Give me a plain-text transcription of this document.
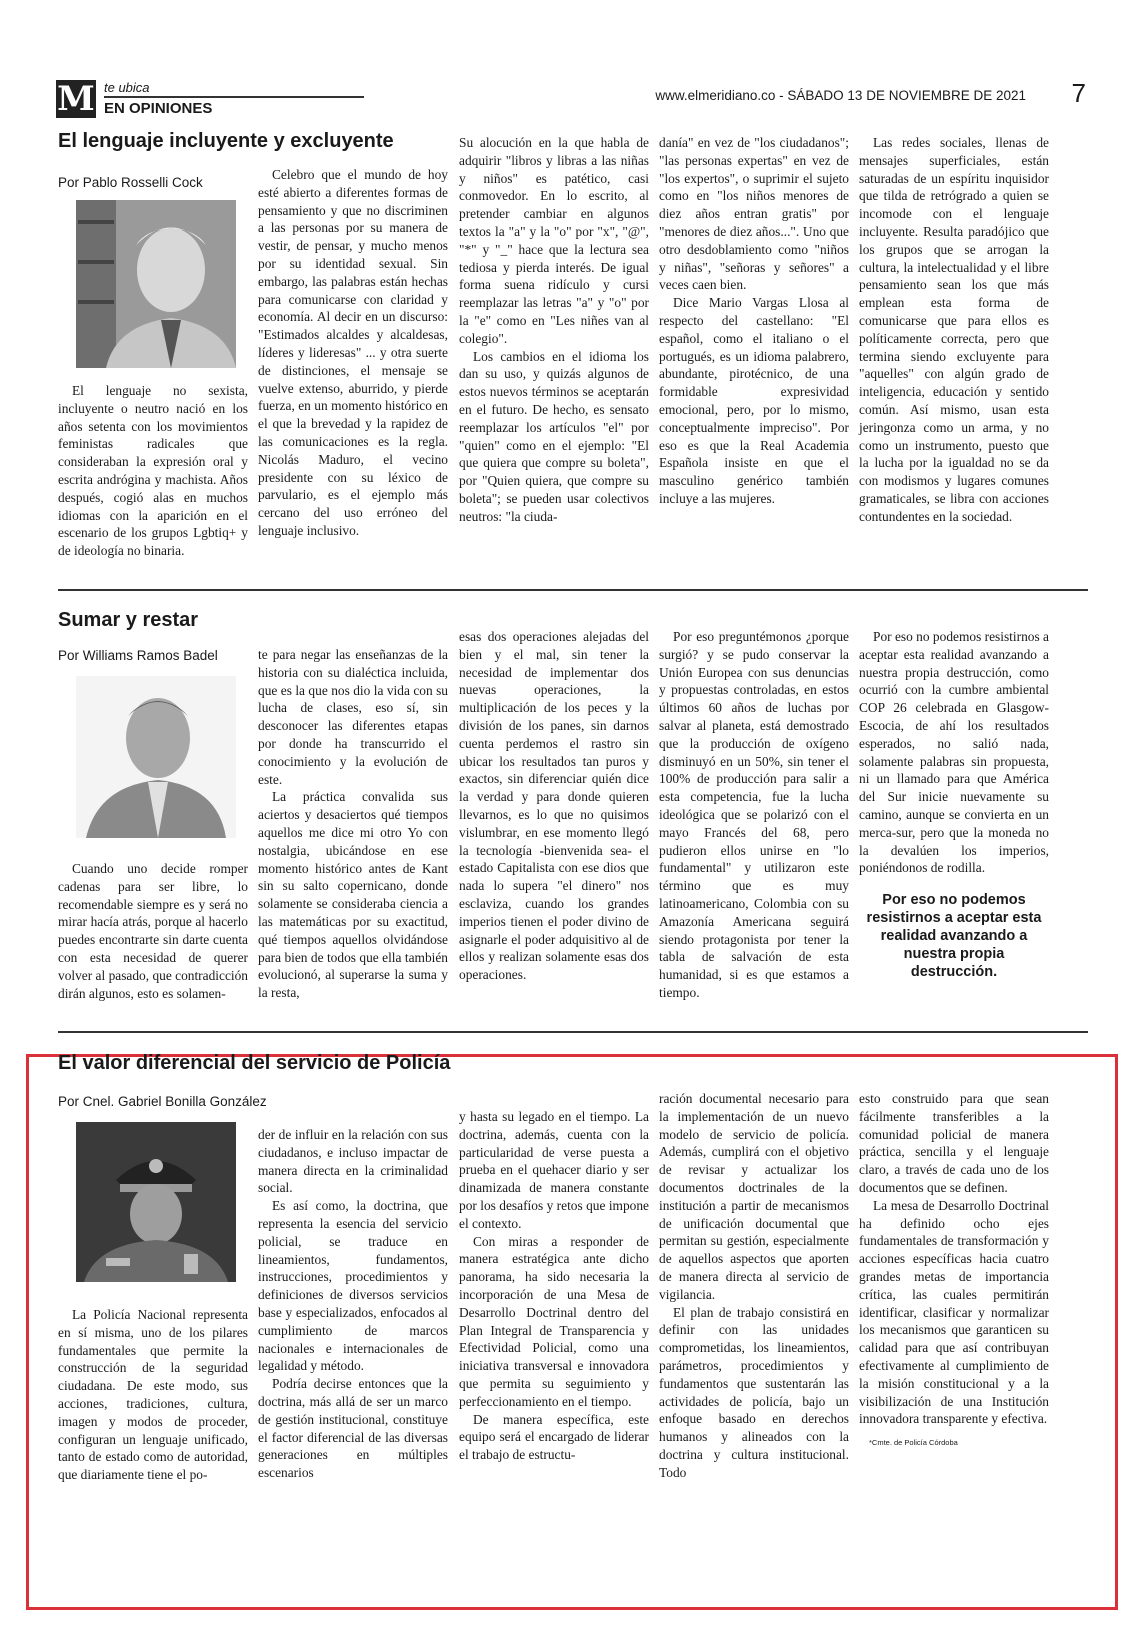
M te ubica
EN OPINIONES
www.elmeridiano.co - SÁBADO 13 DE NOVIEMBRE DE 2021 7
El lenguaje incluyente y excluyente
Por Pablo Rosselli Cock

El lenguaje no sexista, incluyente o neutro nació en los años setenta con los movimientos feministas radicales que consideraban la expresión oral y escrita andrógina y machista. Años después, cogió alas en muchos idiomas con la aparición en el escenario de los grupos Lgbtiq+ y de ideología no binaria.

Celebro que el mundo de hoy esté abierto a diferentes formas de pensamiento y que no discriminen a las personas por su manera de vestir, de pensar, y mucho menos por su identidad sexual. Sin embargo, las palabras están hechas para comunicarse con claridad y economía. Al decir en un discurso: "Estimados alcaldes y alcaldesas, líderes y lideresas" ... y otra suerte de distinciones, el mensaje se vuelve extenso, aburrido, y pierde fuerza, en un momento histórico en el que la brevedad y la rapidez de las comunicaciones es la regla. Nicolás Maduro, el vecino presidente con su léxico de parvulario, es el ejemplo más cercano del uso erróneo del lenguaje inclusivo.

Su alocución en la que habla de adquirir "libros y libras a las niñas y niños" es patético, casi conmovedor. En lo escrito, al pretender cambiar en algunos textos la "a" y la "o" por "x", "@", "*" y "_" hace que la lectura sea tediosa y pierda interés. De igual forma suena ridículo y cursi reemplazar las letras "a" y "o" por la "e" como en "Les niñes van al colegio".

Los cambios en el idioma los dan su uso, y quizás algunos de estos nuevos términos se aceptarán en el futuro. De hecho, es sensato reemplazar los artículos "el" por "quien" como en el ejemplo: "El que quiera que compre su boleta", por "Quien quiera, que compre su boleta"; se pueden usar colectivos neutros: "la ciuda-

danía" en vez de "los ciudadanos"; "las personas expertas" en vez de "los expertos", o suprimir el sujeto como en "los niños menores de diez años entran gratis" por "menores de diez años...". Uno que otro desdoblamiento como "niños y niñas", "señoras y señores" a veces caen bien.

Dice Mario Vargas Llosa al respecto del castellano: "El español, como el italiano o el portugués, es un idioma palabrero, abundante, pirotécnico, de una formidable expresividad emocional, pero, por lo mismo, conceptualmente impreciso". Por eso es que la Real Academia Española insiste en que el masculino genérico también incluye a las mujeres.

Las redes sociales, llenas de mensajes superficiales, están saturadas de un espíritu inquisidor que tilda de retrógrado a quien se incomode con el lenguaje incluyente. Resulta paradójico que los grupos que se arrogan la cultura, la intelectualidad y el libre pensamiento sean los que más emplean esta forma de comunicarse que para ellos es políticamente correcta, pero que termina siendo excluyente para "aquelles" con algún grado de inteligencia, educación y sentido común. Así mismo, usan esta jeringonza como un arma, y no como un instrumento, puesto que la lucha por la igualdad no se da con modismos y lugares comunes gramaticales, se libra con acciones contundentes en la sociedad.

Sumar y restar
Por Williams Ramos Badel

Cuando uno decide romper cadenas para ser libre, lo recomendable siempre es y será no mirar hacía atrás, porque al hacerlo puedes encontrarte sin darte cuenta con esta necesidad de querer volver al pasado, que contradicción dirán algunos, esto es solamen-

te para negar las enseñanzas de la historia con su dialéctica incluida, que es la que nos dio la vida con su lucha de clases, eso sí, sin desconocer las diferentes etapas por donde ha transcurrido el conocimiento y la evolución de este.

La práctica convalida sus aciertos y desaciertos qué tiempos aquellos me dice mi otro Yo con nostalgia, ubicándose en ese momento histórico antes de Kant sin su salto copernicano, donde solamente se consideraba ciencia a las matemáticas por su exactitud, qué tiempos aquellos olvidándose para bien de todos que ella también evolucionó, al superarse la suma y la resta,

esas dos operaciones alejadas del bien y el mal, sin tener la necesidad de implementar dos nuevas operaciones, la multiplicación de los peces y la división de los panes, sin darnos cuenta perdemos el rastro sin ubicar los resultados tan puros y exactos, sin diferenciar quién dice la verdad y para donde quieren llevarnos, es lo que no quisimos vislumbrar, en ese momento llegó la tecnología -bienvenida sea- el estado Capitalista con ese dios que nada lo supera "el dinero" nos esclaviza, cuando los grandes imperios tienen el poder divino de asignarle el poder adquisitivo al de ellos y realizan solamente esas dos operaciones.

Por eso preguntémonos ¿porque surgió? y se pudo conservar la Unión Europea con sus denuncias y propuestas controladas, en estos últimos 60 años de luchas por salvar al planeta, está demostrado que la producción de oxígeno disminuyó en un 50%, sin tener el 100% de producción para salir a esta competencia, fue la lucha ideológica que se polarizó con el mayo Francés del 68, pero pudieron ellos unirse en "lo fundamental" y utilizaron este término que es muy latinoamericano, Colombia con su Amazonía Americana seguirá siendo protagonista por tener la tabla de salvación de esta humanidad, si es que estamos a tiempo.

Por eso no podemos resistirnos a aceptar esta realidad avanzando a nuestra propia destrucción, como ocurrió con la cumbre ambiental COP 26 celebrada en Glasgow-Escocia, de ahí los resultados esperados, no salió nada, solamente palabras sin propuesta, ni un llamado para que América del Sur inicie nuevamente su camino, aunque se convierta en un merca-sur, pero que la moneda no la devalúen los imperios, poniéndonos de rodilla.

Por eso no podemos resistirnos a aceptar esta realidad avanzando a nuestra propia destrucción.
El valor diferencial del servicio de Policía
Por Cnel. Gabriel Bonilla González

La Policía Nacional representa en sí misma, uno de los pilares fundamentales que permite la construcción de la seguridad ciudadana. De este modo, sus acciones, tradiciones, cultura, imagen y modos de proceder, configuran un lenguaje unificado, tanto de estado como de autoridad, que diariamente tiene el po-

der de influir en la relación con sus ciudadanos, e incluso impactar de manera directa en la criminalidad social.

Es así como, la doctrina, que representa la esencia del servicio policial, se traduce en lineamientos, fundamentos, instrucciones, procedimientos y definiciones de diversos servicios base y especializados, enfocados al cumplimiento de marcos nacionales e internacionales de legalidad y método.

Podría decirse entonces que la doctrina, más allá de ser un marco de gestión institucional, constituye el factor diferencial de las diversas generaciones en múltiples escenarios

y hasta su legado en el tiempo. La doctrina, además, cuenta con la particularidad de verse puesta a prueba en el quehacer diario y ser dinamizada de manera constante por los desafíos y retos que impone el contexto.

Con miras a responder de manera estratégica ante dicho panorama, ha sido necesaria la incorporación de una Mesa de Desarrollo Doctrinal dentro del Plan Integral de Transparencia y Efectividad Policial, como una iniciativa transversal e innovadora que permita su seguimiento y perfeccionamiento en el tiempo.

De manera específica, este equipo será el encargado de liderar el trabajo de estructu-

ración documental necesario para la implementación de un nuevo modelo de servicio de policía. Además, cumplirá con el objetivo de revisar y actualizar los documentos doctrinales de la institución a partir de mecanismos de unificación documental que permitan su gestión, especialmente de aquellos aspectos que aporten de manera directa al servicio de vigilancia.

El plan de trabajo consistirá en definir con las unidades comprometidas, los lineamientos, parámetros, procedimientos y fundamentos que sustentarán las actividades de policía, bajo un enfoque basado en derechos humanos y alineados con la doctrina y cultura institucional. Todo

esto construido para que sean fácilmente transferibles a la comunidad policial de manera práctica, sencilla y el lenguaje claro, a través de cada uno de los documentos que se definen.

La mesa de Desarrollo Doctrinal ha definido ocho ejes fundamentales de transformación y acciones específicas hacia cuatro grandes metas de importancia crítica, las cuales permitirán identificar, clasificar y normalizar los mecanismos que garanticen su calidad para que así contribuyan efectivamente al cumplimiento de la misión constitucional y a la visibilización de una Institución innovadora transparente y efectiva.

*Cmte. de Policía Córdoba
